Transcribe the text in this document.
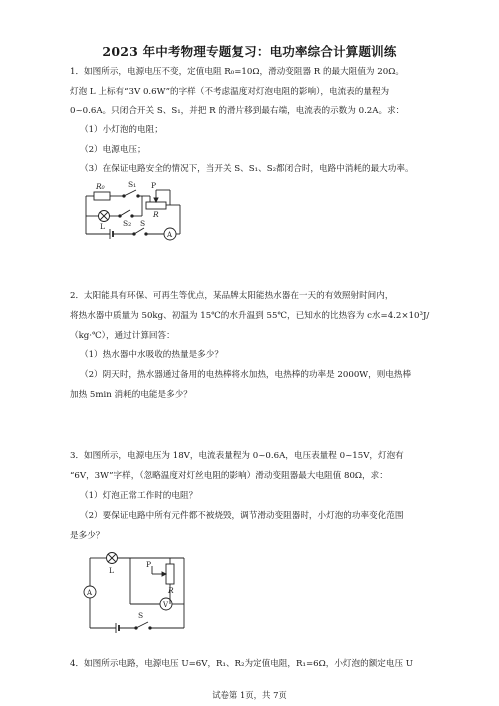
2023 年中考物理专题复习：电功率综合计算题训练
1．如图所示，电源电压不变，定值电阻 R₀=10Ω，滑动变阻器 R 的最大阻值为 20Ω。
灯泡 L 上标有“3V 0.6W”的字样（不考虑温度对灯泡电阻的影响），电流表的量程为
0~0.6A。只闭合开关 S、S₁，并把 R 的滑片移到最右端，电流表的示数为 0.2A。求：
（1）小灯泡的电阻；
（2）电源电压；
（3）在保证电路安全的情况下，当开关 S、S₁、S₂都闭合时，电路中消耗的最大功率。
R₀	S₁ P
R
L S₂ S
A
2．太阳能具有环保、可再生等优点，某品牌太阳能热水器在一天的有效照射时间内，
将热水器中质量为 50kg、初温为 15℃的水升温到 55℃，已知水的比热容为 c水=4.2×10³J/
（kg·℃），通过计算回答：
（1）热水器中水吸收的热量是多少？
（2）阴天时，热水器通过备用的电热棒将水加热，电热棒的功率是 2000W，则电热棒
加热 5min 消耗的电能是多少？
3．如图所示，电源电压为 18V，电流表量程为 0~0.6A，电压表量程 0~15V，灯泡有
“6V，3W”字样，（忽略温度对灯丝电阻的影响）滑动变阻器最大电阻值 80Ω，求：
（1）灯泡正常工作时的电阻？
（2）要保证电路中所有元件都不被烧毁，调节滑动变阻器时，小灯泡的功率变化范围
是多少？
L
P
R
A
V
S
4．如图所示电路，电源电压 U=6V，R₁、R₂为定值电阻，R₁=6Ω，小灯泡的额定电压 U
试卷第 1页，共 7页
